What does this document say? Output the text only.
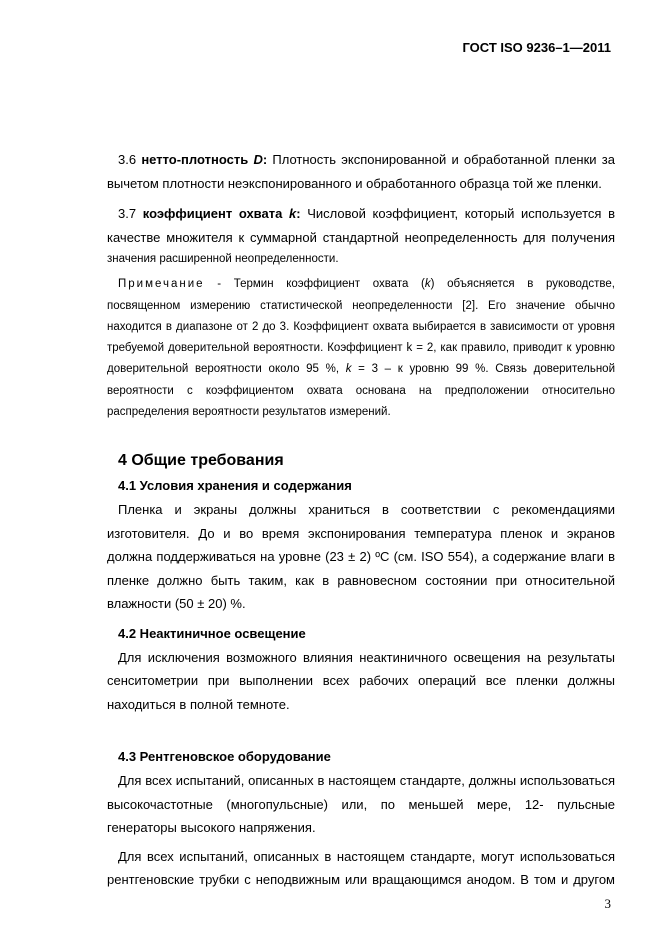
ГОСТ ISO 9236–1—2011

3.6 нетто-плотность D: Плотность экспонированной и обработанной пленки за вычетом плотности неэкспонированного и обработанного образца той же пленки.

3.7 коэффициент охвата k: Числовой коэффициент, который используется в качестве множителя к суммарной стандартной неопределенность для получения

значения расширенной неопределенности.

Примечание - Термин коэффициент охвата (k) объясняется в руководстве, посвященном измерению статистической неопределенности [2]. Его значение обычно находится в диапазоне от 2 до 3. Коэффициент охвата выбирается в зависимости от уровня требуемой доверительной вероятности. Коэффициент k = 2, как правило, приводит к уровню доверительной вероятности около 95 %, k = 3 – к уровню 99 %. Связь доверительной вероятности с коэффициентом охвата основана на предположении относительно распределения вероятности результатов измерений.

4 Общие требования
4.1 Условия хранения и содержания

Пленка и экраны должны храниться в соответствии с рекомендациями изготовителя. До и во время экспонирования температура пленок и экранов должна поддерживаться на уровне (23 ± 2) ºС (см. ISO 554), а содержание влаги в пленке должно быть таким, как в равновесном состоянии при относительной влажности (50 ± 20) %.

4.2 Неактиничное освещение

Для исключения возможного влияния неактиничного освещения на результаты сенситометрии при выполнении всех рабочих операций все пленки должны находиться в полной темноте.

4.3 Рентгеновское оборудование

Для всех испытаний, описанных в настоящем стандарте, должны использоваться высокочастотные (многопульсные) или, по меньшей мере, 12- пульсные генераторы высокого напряжения.

Для всех испытаний, описанных в настоящем стандарте, могут использоваться рентгеновские трубки с неподвижным или вращающимся анодом. В том и другом

3
